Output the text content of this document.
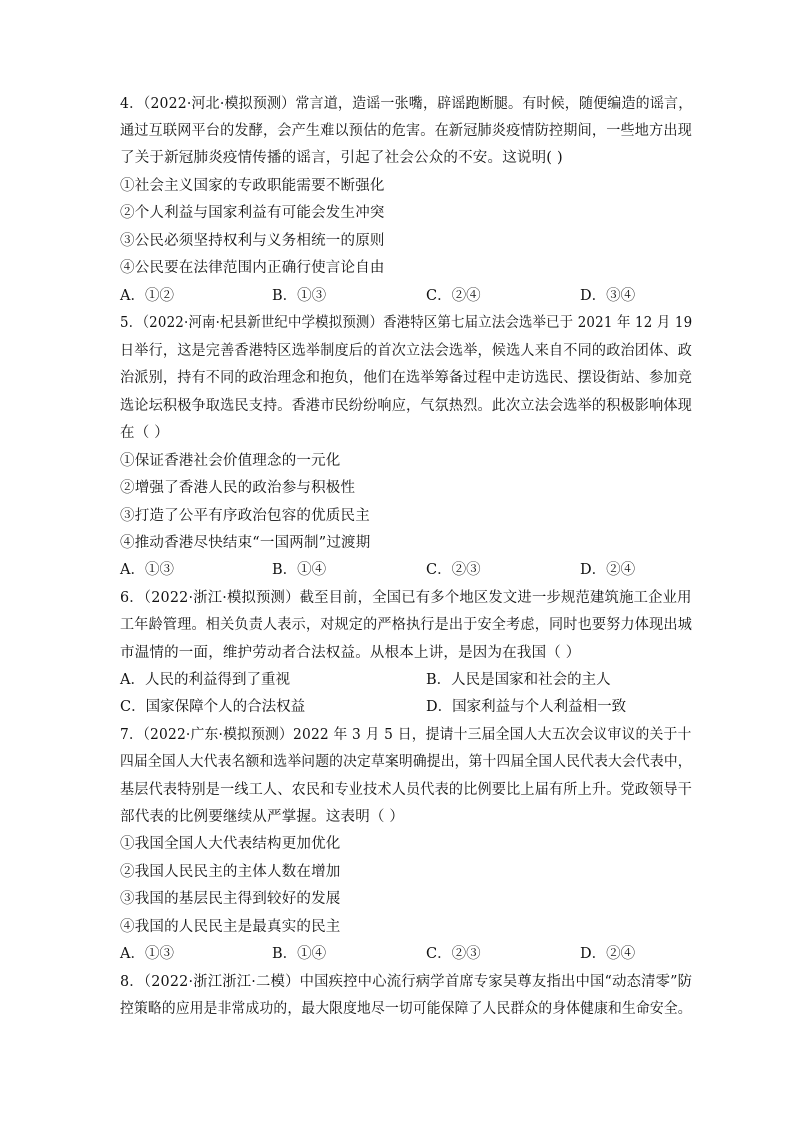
4．（2022·河北·模拟预测）常言道，造谣一张嘴，辟谣跑断腿。有时候，随便编造的谣言，
通过互联网平台的发酵，会产生难以预估的危害。在新冠肺炎疫情防控期间，一些地方出现
了关于新冠肺炎疫情传播的谣言，引起了社会公众的不安。这说明( )
①社会主义国家的专政职能需要不断强化
②个人利益与国家利益有可能会发生冲突
③公民必须坚持权利与义务相统一的原则
④公民要在法律范围内正确行使言论自由
A．①②	B．①③	C．②④	D．③④
5．（2022·河南·杞县新世纪中学模拟预测）香港特区第七届立法会选举已于 2021 年 12 月 19
日举行，这是完善香港特区选举制度后的首次立法会选举，候选人来自不同的政治团体、政
治派别，持有不同的政治理念和抱负，他们在选举筹备过程中走访选民、摆设街站、参加竞
选论坛积极争取选民支持。香港市民纷纷响应，气氛热烈。此次立法会选举的积极影响体现
在（ ）
①保证香港社会价值理念的一元化
②增强了香港人民的政治参与积极性
③打造了公平有序政治包容的优质民主
④推动香港尽快结束“一国两制”过渡期
A．①③	B．①④	C．②③	D．②④
6．（2022·浙江·模拟预测）截至目前，全国已有多个地区发文进一步规范建筑施工企业用
工年龄管理。相关负责人表示，对规定的严格执行是出于安全考虑，同时也要努力体现出城
市温情的一面，维护劳动者合法权益。从根本上讲，是因为在我国（ ）
A．人民的利益得到了重视	B．人民是国家和社会的主人
C．国家保障个人的合法权益	D．国家利益与个人利益相一致
7．（2022·广东·模拟预测）2022 年 3 月 5 日，提请十三届全国人大五次会议审议的关于十
四届全国人大代表名额和选举问题的决定草案明确提出，第十四届全国人民代表大会代表中，
基层代表特别是一线工人、农民和专业技术人员代表的比例要比上届有所上升。党政领导干
部代表的比例要继续从严掌握。这表明（ ）
①我国全国人大代表结构更加优化
②我国人民民主的主体人数在增加
③我国的基层民主得到较好的发展
④我国的人民民主是最真实的民主
A．①③	B．①④	C．②③	D．②④
8．（2022·浙江浙江·二模）中国疾控中心流行病学首席专家吴尊友指出中国“动态清零”防
控策略的应用是非常成功的，最大限度地尽一切可能保障了人民群众的身体健康和生命安全。
